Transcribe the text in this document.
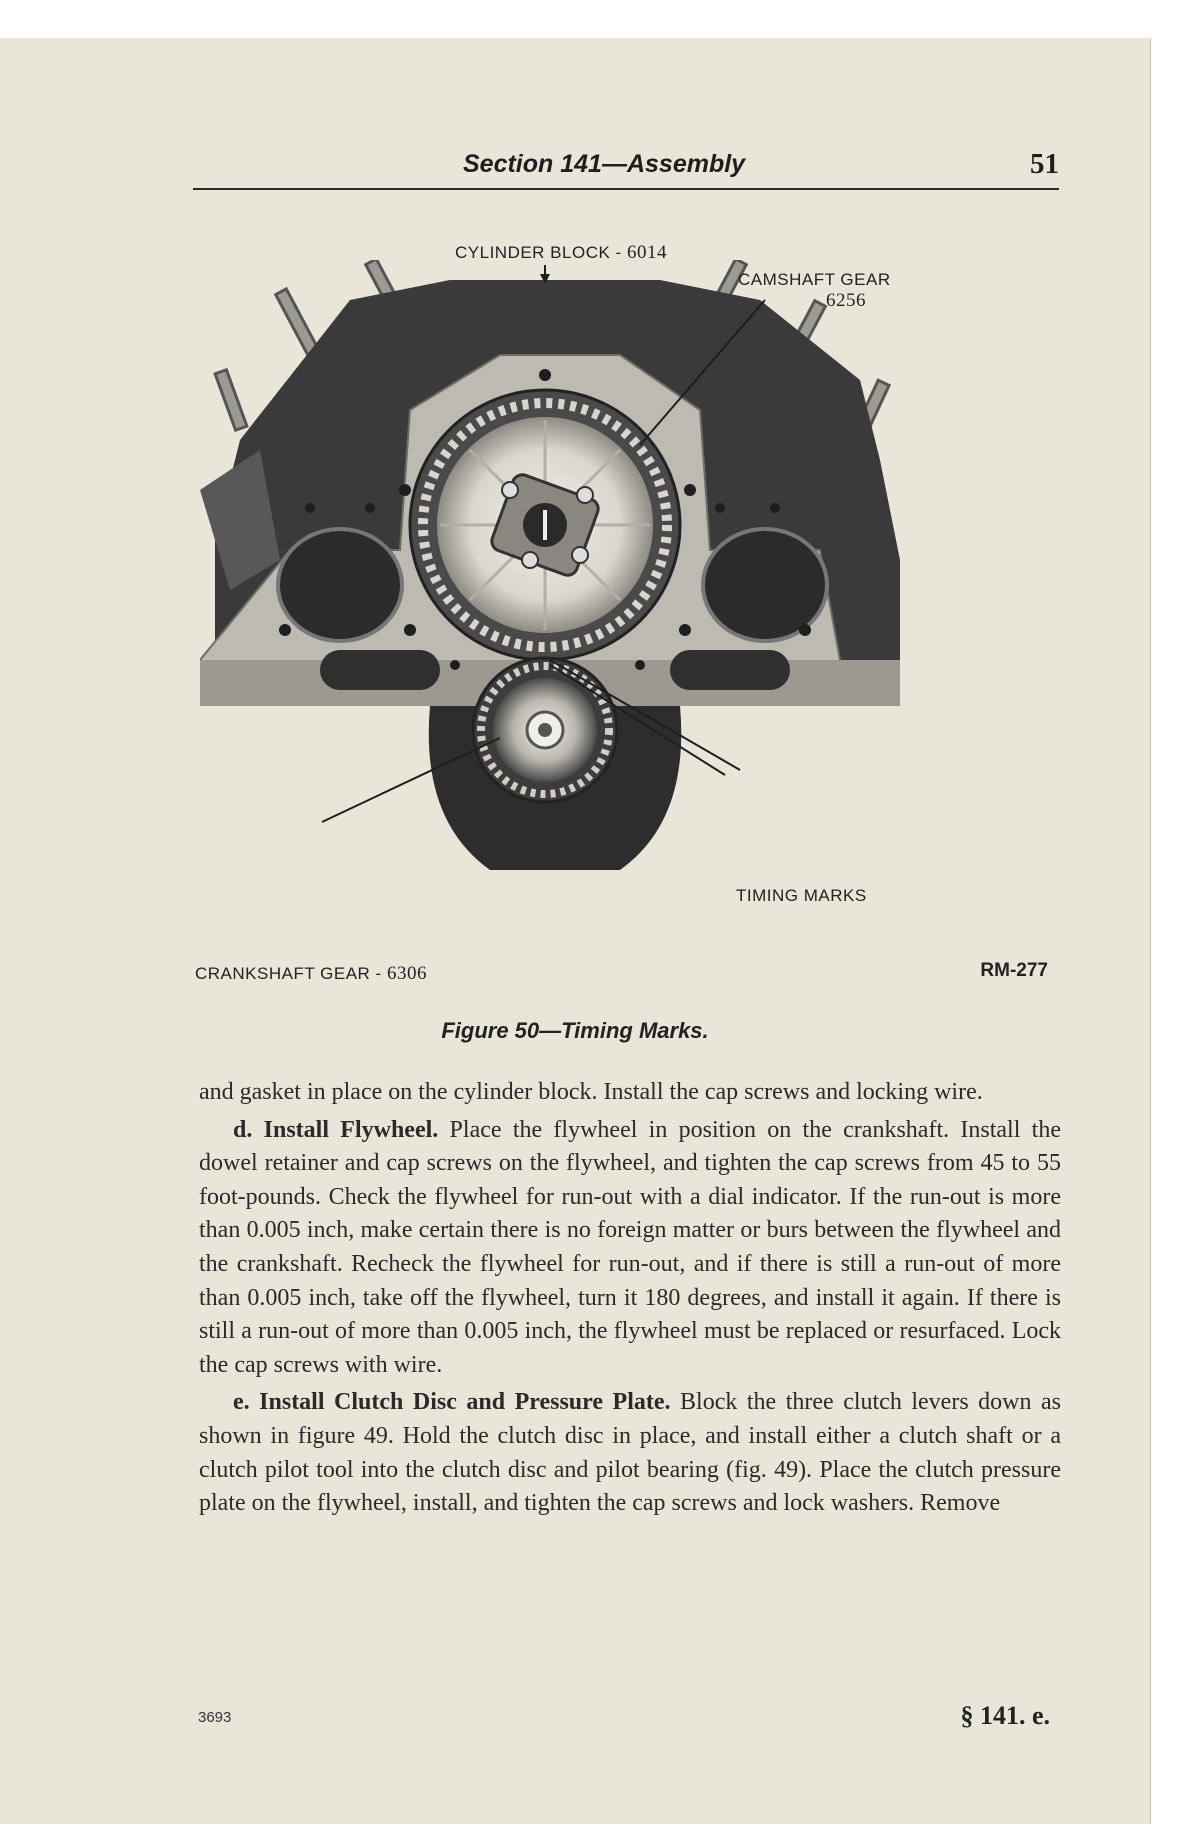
Section 141—Assembly	51
CYLINDER BLOCK - 6014
CAMSHAFT GEAR
6256
TIMING MARKS
CRANKSHAFT GEAR - 6306	RM-277
Figure 50—Timing Marks.

and gasket in place on the cylinder block. Install the cap screws and locking wire.

d. Install Flywheel. Place the flywheel in position on the crankshaft. Install the dowel retainer and cap screws on the flywheel, and tighten the cap screws from 45 to 55 foot-pounds. Check the flywheel for run-out with a dial indicator. If the run-out is more than 0.005 inch, make certain there is no foreign matter or burs between the flywheel and the crankshaft. Recheck the flywheel for run-out, and if there is still a run-out of more than 0.005 inch, take off the flywheel, turn it 180 degrees, and install it again. If there is still a run-out of more than 0.005 inch, the flywheel must be replaced or resurfaced. Lock the cap screws with wire.

e. Install Clutch Disc and Pressure Plate. Block the three clutch levers down as shown in figure 49. Hold the clutch disc in place, and install either a clutch shaft or a clutch pilot tool into the clutch disc and pilot bearing (fig. 49). Place the clutch pressure plate on the flywheel, install, and tighten the cap screws and lock washers. Remove

3693	§ 141. e.
